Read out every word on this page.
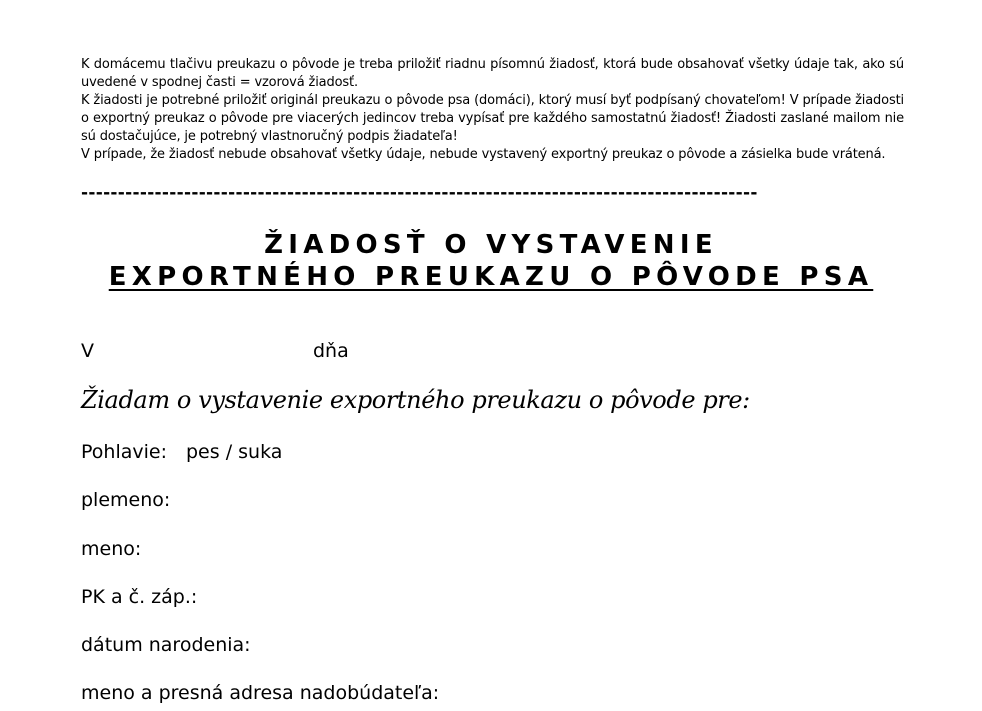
K domácemu tlačivu preukazu o pôvode je treba priložiť riadnu písomnú žiadosť, ktorá bude obsahovať všetky údaje tak, ako sú uvedené v spodnej časti = vzorová žiadosť.

K žiadosti je potrebné priložiť originál preukazu o pôvode psa (domáci), ktorý musí byť podpísaný chovateľom! V prípade žiadosti o exportný preukaz o pôvode pre viacerých jedincov treba vypísať pre každého samostatnú žiadosť! Žiadosti zaslané mailom nie sú dostačujúce, je potrebný vlastnoručný podpis žiadateľa!

V prípade, že žiadosť nebude obsahovať všetky údaje, nebude vystavený exportný preukaz o pôvode a zásielka bude vrátená.

--------------------------------------------------------------------------------------------
ŽIADOSŤ O VYSTAVENIE
EXPORTNÉHO PREUKAZU O PÔVODE PSA
V	dňa
Žiadam o vystavenie exportného preukazu o pôvode pre:
Pohlavie: pes / suka
plemeno:
meno:
PK a č. záp.:
dátum narodenia:
meno a presná adresa nadobúdateľa:
